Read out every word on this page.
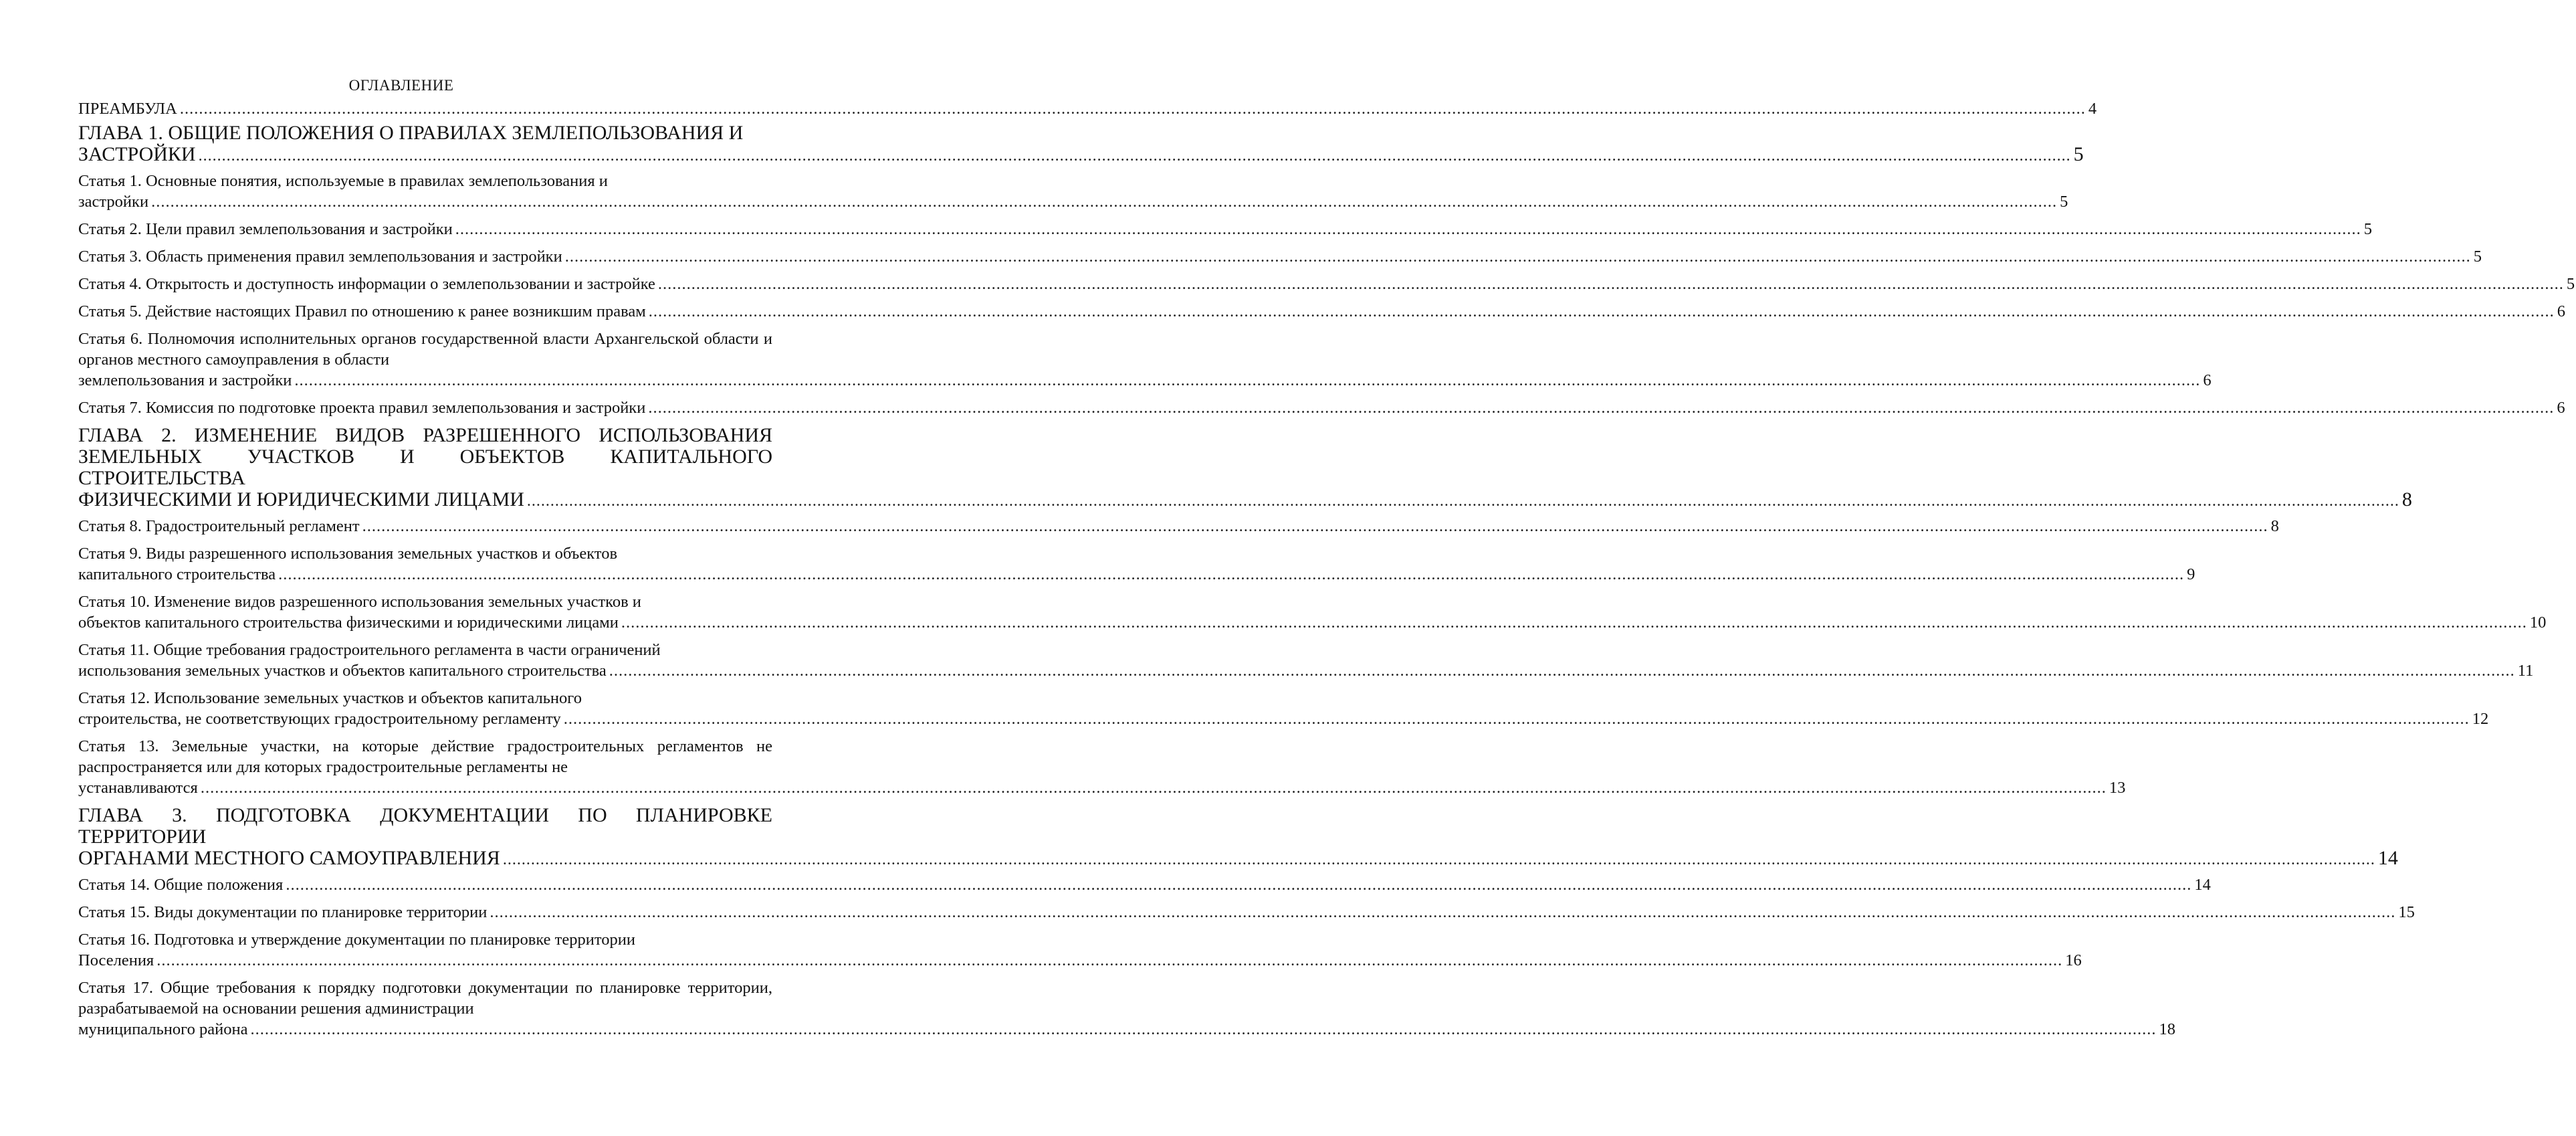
ОГЛАВЛЕНИЕ
ПРЕАМБУЛА ................................................................................................................................................................................................................................................................................................................................................................................................................ 4
ГЛАВА 1. ОБЩИЕ ПОЛОЖЕНИЯ О ПРАВИЛАХ ЗЕМЛЕПОЛЬЗОВАНИЯ И
ЗАСТРОЙКИ ................................................................................................................................................................................................................................................................................................................................................................................................................ 5
Статья 1. Основные понятия, используемые в правилах землепользования и
застройки ................................................................................................................................................................................................................................................................................................................................................................................................................ 5
Статья 2. Цели правил землепользования и застройки ................................................................................................................................................................................................................................................................................................................................................................................................................ 5
Статья 3. Область применения правил землепользования и застройки ................................................................................................................................................................................................................................................................................................................................................................................................................ 5
Статья 4. Открытость и доступность информации о землепользовании и застройке ................................................................................................................................................................................................................................................................................................................................................................................................................ 5
Статья 5. Действие настоящих Правил по отношению к ранее возникшим правам ................................................................................................................................................................................................................................................................................................................................................................................................................ 6
Статья 6. Полномочия исполнительных органов государственной власти Архангельской области и органов местного самоуправления в области
землепользования и застройки ................................................................................................................................................................................................................................................................................................................................................................................................................ 6
Статья 7. Комиссия по подготовке проекта правил землепользования и застройки ................................................................................................................................................................................................................................................................................................................................................................................................................ 6
ГЛАВА 2. ИЗМЕНЕНИЕ ВИДОВ РАЗРЕШЕННОГО ИСПОЛЬЗОВАНИЯ ЗЕМЕЛЬНЫХ УЧАСТКОВ И ОБЪЕКТОВ КАПИТАЛЬНОГО СТРОИТЕЛЬСТВА
ФИЗИЧЕСКИМИ И ЮРИДИЧЕСКИМИ ЛИЦАМИ ................................................................................................................................................................................................................................................................................................................................................................................................................ 8
Статья 8. Градостроительный регламент ................................................................................................................................................................................................................................................................................................................................................................................................................ 8
Статья 9. Виды разрешенного использования земельных участков и объектов
капитального строительства ................................................................................................................................................................................................................................................................................................................................................................................................................ 9
Статья 10. Изменение видов разрешенного использования земельных участков и
объектов капитального строительства физическими и юридическими лицами ................................................................................................................................................................................................................................................................................................................................................................................................................ 10
Статья 11. Общие требования градостроительного регламента в части ограничений
использования земельных участков и объектов капитального строительства ................................................................................................................................................................................................................................................................................................................................................................................................................ 11
Статья 12. Использование земельных участков и объектов капитального
строительства, не соответствующих градостроительному регламенту ................................................................................................................................................................................................................................................................................................................................................................................................................ 12
Статья 13. Земельные участки, на которые действие градостроительных регламентов не распространяется или для которых градостроительные регламенты не
устанавливаются ................................................................................................................................................................................................................................................................................................................................................................................................................ 13
ГЛАВА 3. ПОДГОТОВКА ДОКУМЕНТАЦИИ ПО ПЛАНИРОВКЕ ТЕРРИТОРИИ
ОРГАНАМИ МЕСТНОГО САМОУПРАВЛЕНИЯ ................................................................................................................................................................................................................................................................................................................................................................................................................ 14
Статья 14. Общие положения ................................................................................................................................................................................................................................................................................................................................................................................................................ 14
Статья 15. Виды документации по планировке территории ................................................................................................................................................................................................................................................................................................................................................................................................................ 15
Статья 16. Подготовка и утверждение документации по планировке территории
Поселения ................................................................................................................................................................................................................................................................................................................................................................................................................ 16
Статья 17. Общие требования к порядку подготовки документации по планировке территории, разрабатываемой на основании решения администрации
муниципального района ................................................................................................................................................................................................................................................................................................................................................................................................................ 18
